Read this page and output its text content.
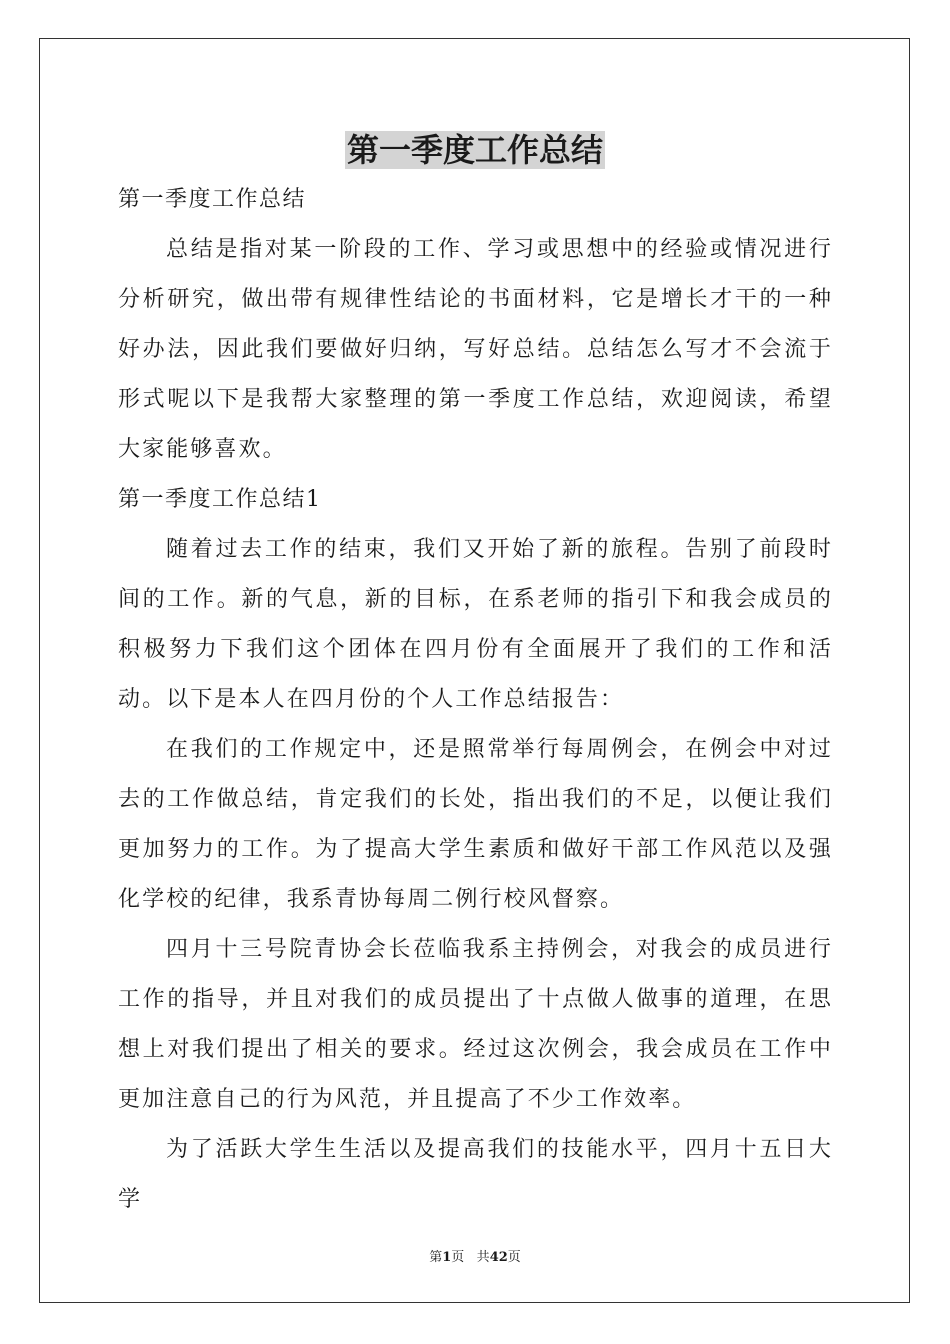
第一季度工作总结

第一季度工作总结

总结是指对某一阶段的工作、学习或思想中的经验或情况进行分析研究，做出带有规律性结论的书面材料，它是增长才干的一种好办法，因此我们要做好归纳，写好总结。总结怎么写才不会流于形式呢以下是我帮大家整理的第一季度工作总结，欢迎阅读，希望大家能够喜欢。

第一季度工作总结1

随着过去工作的结束，我们又开始了新的旅程。告别了前段时间的工作。新的气息，新的目标，在系老师的指引下和我会成员的积极努力下我们这个团体在四月份有全面展开了我们的工作和活动。以下是本人在四月份的个人工作总结报告：

在我们的工作规定中，还是照常举行每周例会，在例会中对过去的工作做总结，肯定我们的长处，指出我们的不足，以便让我们更加努力的工作。为了提高大学生素质和做好干部工作风范以及强化学校的纪律，我系青协每周二例行校风督察。

四月十三号院青协会长莅临我系主持例会，对我会的成员进行工作的指导，并且对我们的成员提出了十点做人做事的道理，在思想上对我们提出了相关的要求。经过这次例会，我会成员在工作中更加注意自己的行为风范，并且提高了不少工作效率。

为了活跃大学生生活以及提高我们的技能水平，四月十五日大学

第1页 共42页
